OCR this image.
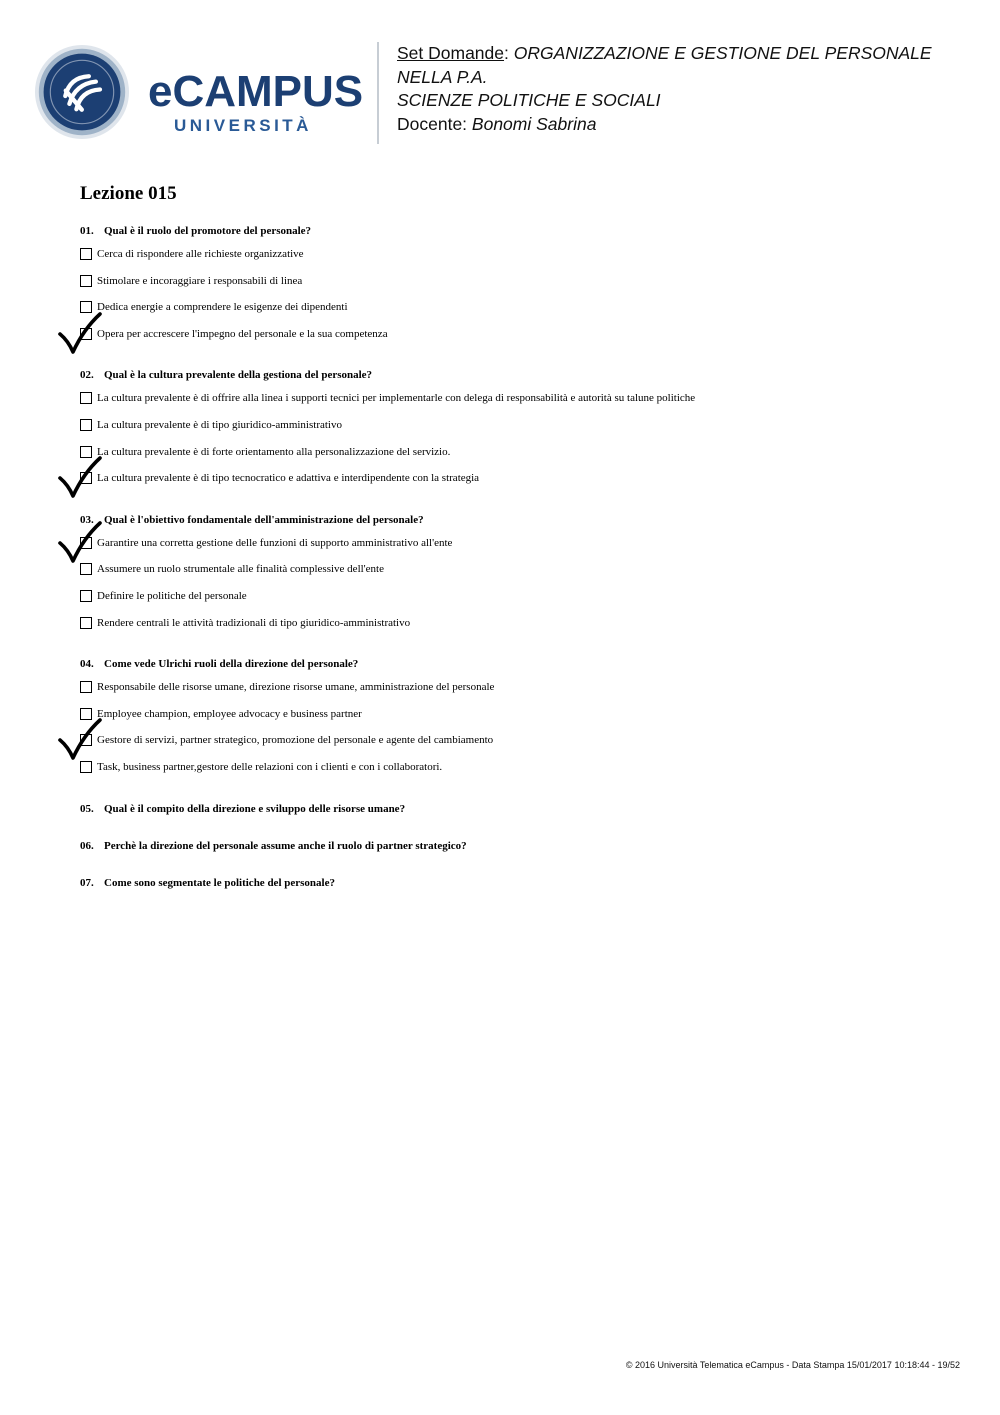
eCAMPUS
UNIVERSITÀ
Set Domande: ORGANIZZAZIONE E GESTIONE DEL PERSONALE
NELLA P.A.
SCIENZE POLITICHE E SOCIALI
Docente: Bonomi Sabrina
Lezione 015
01. Qual è il ruolo del promotore del personale?
Cerca di rispondere alle richieste organizzative
Stimolare e incoraggiare i responsabili di linea
Dedica energie a comprendere le esigenze dei dipendenti
Opera per accrescere l'impegno del personale e la sua competenza
02. Qual è la cultura prevalente della gestiona del personale?
La cultura prevalente è di offrire alla linea i supporti tecnici per implementarle con delega di responsabilità e autorità su talune politiche
La cultura prevalente è di tipo giuridico-amministrativo
La cultura prevalente è di forte orientamento alla personalizzazione del servizio.
La cultura prevalente è di tipo tecnocratico e adattiva e interdipendente con la strategia
03. Qual è l'obiettivo fondamentale dell'amministrazione del personale?
Garantire una corretta gestione delle funzioni di supporto amministrativo all'ente
Assumere un ruolo strumentale alle finalità complessive dell'ente
Definire le politiche del personale
Rendere centrali le attività tradizionali di tipo giuridico-amministrativo
04. Come vede Ulrichi ruoli della direzione del personale?
Responsabile delle risorse umane, direzione risorse umane, amministrazione del personale
Employee champion, employee advocacy e business partner
Gestore di servizi, partner strategico, promozione del personale e agente del cambiamento
Task, business partner,gestore delle relazioni con i clienti e con i collaboratori.
05. Qual è il compito della direzione e sviluppo delle risorse umane?
06. Perchè la direzione del personale assume anche il ruolo di partner strategico?
07. Come sono segmentate le politiche del personale?
© 2016 Università Telematica eCampus - Data Stampa 15/01/2017 10:18:44 - 19/52
